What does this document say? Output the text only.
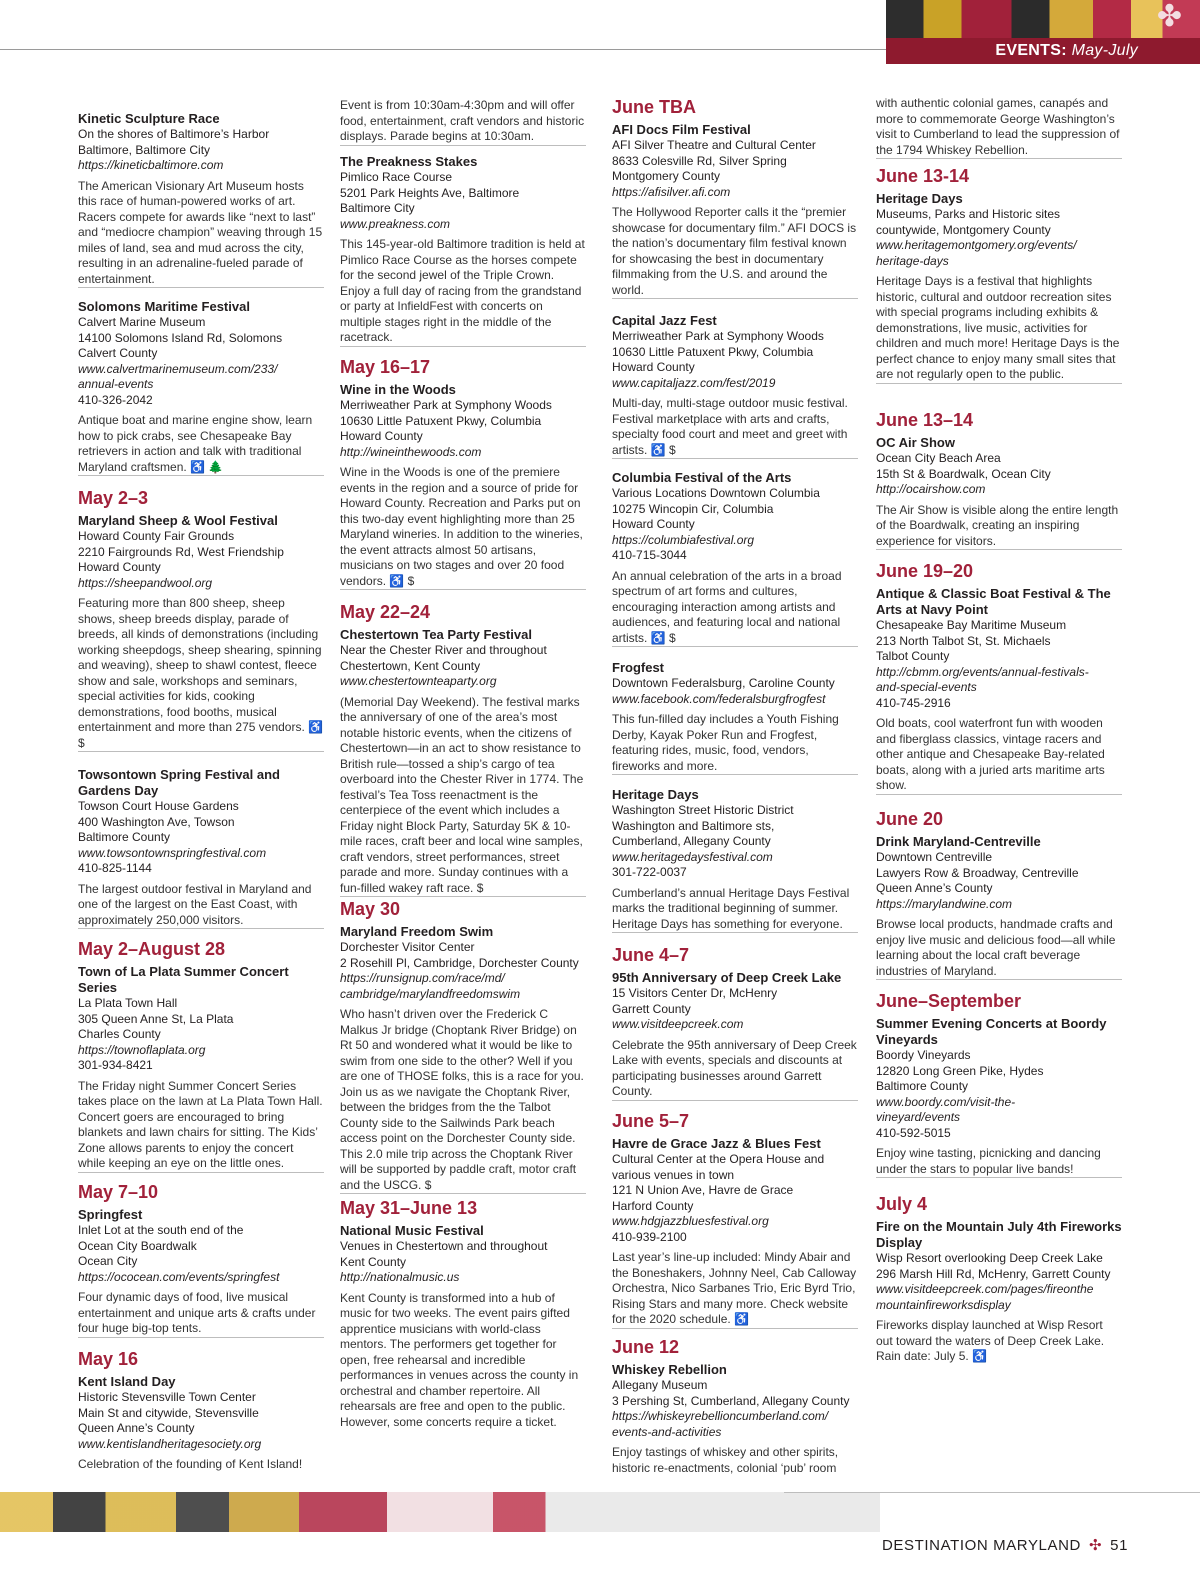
✤
EVENTS: May-July
Kinetic Sculpture Race
On the shores of Baltimore’s Harbor
Baltimore, Baltimore City
https://kineticbaltimore.com
The American Visionary Art Museum hosts this race of human-powered works of art. Racers compete for awards like “next to last” and “mediocre champion” weaving through 15 miles of land, sea and mud across the city, resulting in an adrenaline-fueled parade of entertainment.
Solomons Maritime Festival
Calvert Marine Museum
14100 Solomons Island Rd, Solomons
Calvert County
www.calvertmarinemuseum.com/233/
annual-events
410-326-2042
Antique boat and marine engine show, learn how to pick crabs, see Chesapeake Bay retrievers in action and talk with traditional Maryland craftsmen. ♿ 🌲
May 2–3
Maryland Sheep & Wool Festival
Howard County Fair Grounds
2210 Fairgrounds Rd, West Friendship
Howard County
https://sheepandwool.org
Featuring more than 800 sheep, sheep shows, sheep breeds display, parade of breeds, all kinds of demonstrations (including working sheepdogs, sheep shearing, spinning and weaving), sheep to shawl contest, fleece show and sale, workshops and seminars, special activities for kids, cooking demonstrations, food booths, musical entertainment and more than 275 vendors. ♿ $
Towsontown Spring Festival and Gardens Day
Towson Court House Gardens
400 Washington Ave, Towson
Baltimore County
www.towsontownspringfestival.com
410-825-1144
The largest outdoor festival in Maryland and one of the largest on the East Coast, with approximately 250,000 visitors.
May 2–August 28
Town of La Plata Summer Concert Series
La Plata Town Hall
305 Queen Anne St, La Plata
Charles County
https://townoflaplata.org
301-934-8421
The Friday night Summer Concert Series takes place on the lawn at La Plata Town Hall. Concert goers are encouraged to bring blankets and lawn chairs for sitting. The Kids’ Zone allows parents to enjoy the concert while keeping an eye on the little ones.
May 7–10
Springfest
Inlet Lot at the south end of the
Ocean City Boardwalk
Ocean City
https://ococean.com/events/springfest
Four dynamic days of food, live musical entertainment and unique arts & crafts under four huge big-top tents.
May 16
Kent Island Day
Historic Stevensville Town Center
Main St and citywide, Stevensville
Queen Anne’s County
www.kentislandheritagesociety.org
Celebration of the founding of Kent Island!
Event is from 10:30am-4:30pm and will offer food, entertainment, craft vendors and historic displays. Parade begins at 10:30am.
The Preakness Stakes
Pimlico Race Course
5201 Park Heights Ave, Baltimore
Baltimore City
www.preakness.com
This 145-year-old Baltimore tradition is held at Pimlico Race Course as the horses compete for the second jewel of the Triple Crown. Enjoy a full day of racing from the grandstand or party at InfieldFest with concerts on multiple stages right in the middle of the racetrack.
May 16–17
Wine in the Woods
Merriweather Park at Symphony Woods
10630 Little Patuxent Pkwy, Columbia
Howard County
http://wineinthewoods.com
Wine in the Woods is one of the premiere events in the region and a source of pride for Howard County. Recreation and Parks put on this two-day event highlighting more than 25 Maryland wineries. In addition to the wineries, the event attracts almost 50 artisans, musicians on two stages and over 20 food vendors. ♿ $
May 22–24
Chestertown Tea Party Festival
Near the Chester River and throughout
Chestertown, Kent County
www.chestertownteaparty.org
(Memorial Day Weekend). The festival marks the anniversary of one of the area’s most notable historic events, when the citizens of Chestertown—in an act to show resistance to British rule—tossed a ship’s cargo of tea overboard into the Chester River in 1774. The festival’s Tea Toss reenactment is the centerpiece of the event which includes a Friday night Block Party, Saturday 5K & 10-mile races, craft beer and local wine samples, craft vendors, street performances, street parade and more. Sunday continues with a fun-filled wakey raft race. $
May 30
Maryland Freedom Swim
Dorchester Visitor Center
2 Rosehill Pl, Cambridge, Dorchester County
https://runsignup.com/race/md/
cambridge/marylandfreedomswim
Who hasn’t driven over the Frederick C Malkus Jr bridge (Choptank River Bridge) on Rt 50 and wondered what it would be like to swim from one side to the other? Well if you are one of THOSE folks, this is a race for you. Join us as we navigate the Choptank River, between the bridges from the the Talbot County side to the Sailwinds Park beach access point on the Dorchester County side. This 2.0 mile trip across the Choptank River will be supported by paddle craft, motor craft and the USCG. $
May 31–June 13
National Music Festival
Venues in Chestertown and throughout
Kent County
http://nationalmusic.us
Kent County is transformed into a hub of music for two weeks. The event pairs gifted apprentice musicians with world-class mentors. The performers get together for open, free rehearsal and incredible performances in venues across the county in orchestral and chamber repertoire. All rehearsals are free and open to the public. However, some concerts require a ticket.
June TBA
AFI Docs Film Festival
AFI Silver Theatre and Cultural Center
8633 Colesville Rd, Silver Spring
Montgomery County
https://afisilver.afi.com
The Hollywood Reporter calls it the “premier showcase for documentary film.” AFI DOCS is the nation’s documentary film festival known for showcasing the best in documentary filmmaking from the U.S. and around the world.
Capital Jazz Fest
Merriweather Park at Symphony Woods
10630 Little Patuxent Pkwy, Columbia
Howard County
www.capitaljazz.com/fest/2019
Multi-day, multi-stage outdoor music festival. Festival marketplace with arts and crafts, specialty food court and meet and greet with artists. ♿ $
Columbia Festival of the Arts
Various Locations Downtown Columbia
10275 Wincopin Cir, Columbia
Howard County
https://columbiafestival.org
410-715-3044
An annual celebration of the arts in a broad spectrum of art forms and cultures, encouraging interaction among artists and audiences, and featuring local and national artists. ♿ $
Frogfest
Downtown Federalsburg, Caroline County
www.facebook.com/federalsburgfrogfest
This fun-filled day includes a Youth Fishing Derby, Kayak Poker Run and Frogfest, featuring rides, music, food, vendors, fireworks and more.
Heritage Days
Washington Street Historic District
Washington and Baltimore sts,
Cumberland, Allegany County
www.heritagedaysfestival.com
301-722-0037
Cumberland’s annual Heritage Days Festival marks the traditional beginning of summer. Heritage Days has something for everyone.
June 4–7
95th Anniversary of Deep Creek Lake
15 Visitors Center Dr, McHenry
Garrett County
www.visitdeepcreek.com
Celebrate the 95th anniversary of Deep Creek Lake with events, specials and discounts at participating businesses around Garrett County.
June 5–7
Havre de Grace Jazz & Blues Fest
Cultural Center at the Opera House and
various venues in town
121 N Union Ave, Havre de Grace
Harford County
www.hdgjazzbluesfestival.org
410-939-2100
Last year’s line-up included: Mindy Abair and the Boneshakers, Johnny Neel, Cab Calloway Orchestra, Nico Sarbanes Trio, Eric Byrd Trio, Rising Stars and many more. Check website for the 2020 schedule. ♿
June 12
Whiskey Rebellion
Allegany Museum
3 Pershing St, Cumberland, Allegany County
https://whiskeyrebellioncumberland.com/
events-and-activities
Enjoy tastings of whiskey and other spirits, historic re-enactments, colonial ‘pub’ room
with authentic colonial games, canapés and more to commemorate George Washington’s visit to Cumberland to lead the suppression of the 1794 Whiskey Rebellion.
June 13-14
Heritage Days
Museums, Parks and Historic sites
countywide, Montgomery County
www.heritagemontgomery.org/events/
heritage-days
Heritage Days is a festival that highlights historic, cultural and outdoor recreation sites with special programs including exhibits & demonstrations, live music, activities for children and much more! Heritage Days is the perfect chance to enjoy many small sites that are not regularly open to the public.
June 13–14
OC Air Show
Ocean City Beach Area
15th St & Boardwalk, Ocean City
http://ocairshow.com
The Air Show is visible along the entire length of the Boardwalk, creating an inspiring experience for visitors.
June 19–20
Antique & Classic Boat Festival & The Arts at Navy Point
Chesapeake Bay Maritime Museum
213 North Talbot St, St. Michaels
Talbot County
http://cbmm.org/events/annual-festivals-
and-special-events
410-745-2916
Old boats, cool waterfront fun with wooden and fiberglass classics, vintage racers and other antique and Chesapeake Bay-related boats, along with a juried arts maritime arts show.
June 20
Drink Maryland-Centreville
Downtown Centreville
Lawyers Row & Broadway, Centreville
Queen Anne’s County
https://marylandwine.com
Browse local products, handmade crafts and enjoy live music and delicious food—all while learning about the local craft beverage industries of Maryland.
June–September
Summer Evening Concerts at Boordy Vineyards
Boordy Vineyards
12820 Long Green Pike, Hydes
Baltimore County
www.boordy.com/visit-the-
vineyard/events
410-592-5015
Enjoy wine tasting, picnicking and dancing under the stars to popular live bands!
July 4
Fire on the Mountain July 4th Fireworks Display
Wisp Resort overlooking Deep Creek Lake
296 Marsh Hill Rd, McHenry, Garrett County
www.visitdeepcreek.com/pages/fireonthe
mountainfireworksdisplay
Fireworks display launched at Wisp Resort out toward the waters of Deep Creek Lake. Rain date: July 5. ♿
DESTINATION MARYLAND ✣ 51
